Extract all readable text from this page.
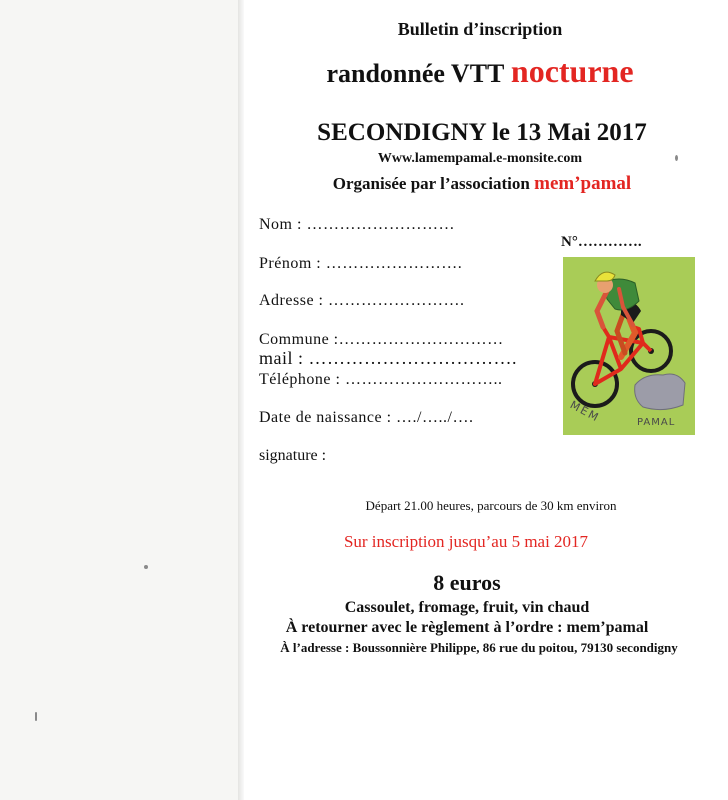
Bulletin d’inscription
randonnée VTT nocturne
SECONDIGNY le 13 Mai 2017
Www.lamempamal.e-monsite.com
Organisée par l’association mem’pamal
Nom : ………………………
Prénom : …………………….
Adresse : …………………….
Commune :…………………………
mail : …………………………….
Téléphone : ………………………..
Date de naissance : …./…../….
signature :
N°………….
MEM	PAMAL
Départ 21.00 heures, parcours de 30 km environ
Sur inscription jusqu’au 5 mai 2017
8 euros
Cassoulet, fromage, fruit, vin chaud
À retourner avec le règlement à l’ordre : mem’pamal
À l’adresse : Boussonnière Philippe, 86 rue du poitou, 79130 secondigny
